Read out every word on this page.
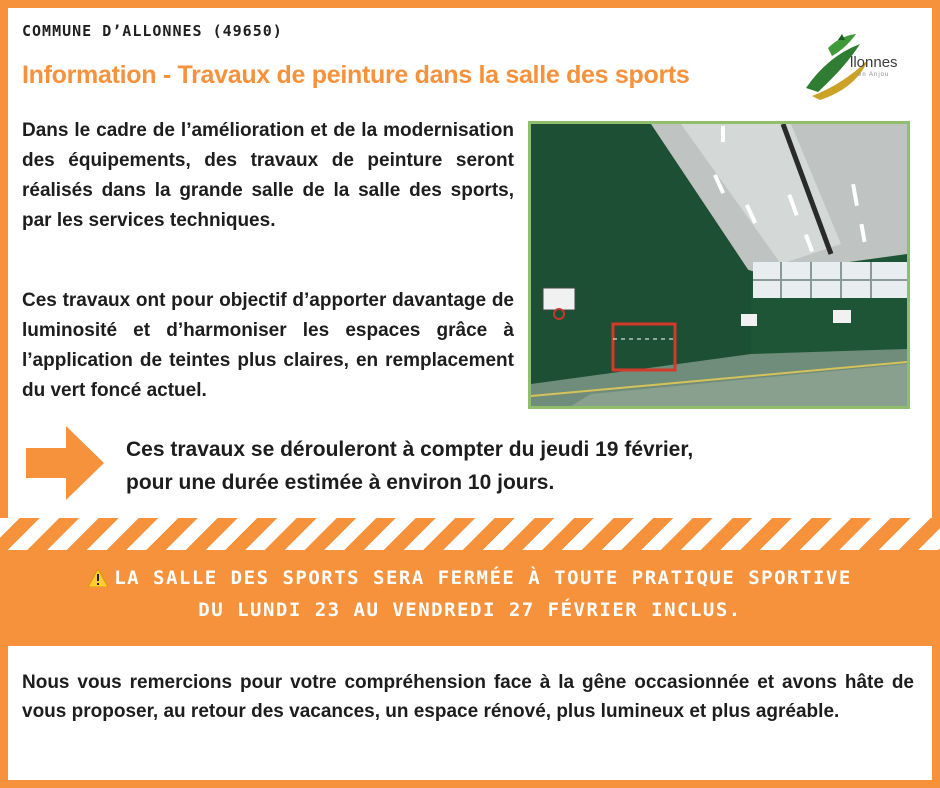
COMMUNE D’ALLONNES (49650)
Information - Travaux de peinture dans la salle des sports	llonnes
en Anjou
Dans le cadre de l’amélioration et de la modernisation des équipements, des travaux de peinture seront réalisés dans la grande salle de la salle des sports, par les services techniques.
Ces travaux ont pour objectif d’apporter davantage de luminosité et d’harmoniser les espaces grâce à l’application de teintes plus claires, en remplacement du vert foncé actuel.
Ces travaux se dérouleront à compter du jeudi 19 février,
pour une durée estimée à environ 10 jours.
LA SALLE DES SPORTS SERA FERMÉE À TOUTE PRATIQUE SPORTIVE
DU LUNDI 23 AU VENDREDI 27 FÉVRIER INCLUS.
Nous vous remercions pour votre compréhension face à la gêne occasionnée et avons hâte de vous proposer, au retour des vacances, un espace rénové, plus lumineux et plus agréable.
